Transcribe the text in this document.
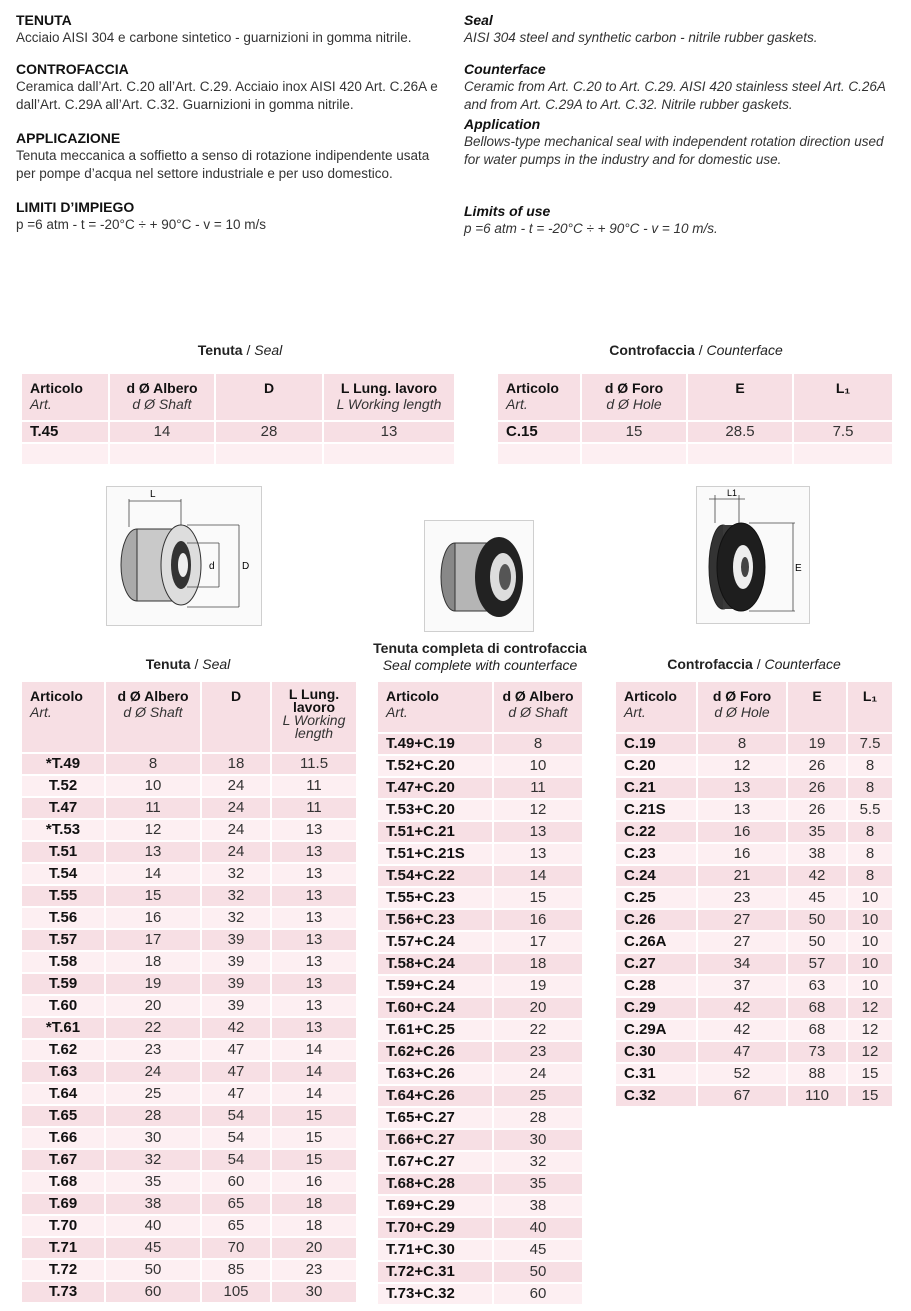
TENUTA
Acciaio AISI 304 e carbone sintetico - guarnizioni in gomma nitrile.
CONTROFACCIA
Ceramica dall’Art. C.20 all’Art. C.29. Acciaio inox AISI 420 Art. C.26A e dall’Art. C.29A all’Art. C.32. Guarnizioni in gomma nitrile.
APPLICAZIONE
Tenuta meccanica a soffietto a senso di rotazione indipendente usata per pompe d’acqua nel settore industriale e per uso domestico.
LIMITI D’IMPIEGO
p =6 atm - t = -20°C ÷ + 90°C - v = 10 m/s
Seal
AISI 304 steel and synthetic carbon - nitrile rubber gaskets.
Counterface
Ceramic from Art. C.20 to Art. C.29. AISI 420 stainless steel Art. C.26A and from Art. C.29A to Art. C.32. Nitrile rubber gaskets.
Application
Bellows-type mechanical seal with independent rotation direction used for water pumps in the industry and for domestic use.
Limits of use
p =6 atm - t = -20°C ÷ + 90°C - v = 10 m/s.
Tenuta / Seal	Controfaccia / Counterface
Articolo
Art.	d Ø Albero
d Ø Shaft	D	L Lung. lavoro
L Working length

T.45	14	28	13

Articolo
Art.	d Ø Foro
d Ø Hole	E	L₁
C.15	15	28.5	7.5

L
d	D
L1
E
Tenuta / Seal
Tenuta completa di controfaccia
Seal complete with counterface	Controfaccia / Counterface
Articolo
Art.	d Ø Albero
d Ø Shaft	D	L Lung. lavoro
L Working length

*T.49	8	18	11.5
T.52	10	24	11
T.47	11	24	11
*T.53	12	24	13
T.51	13	24	13
T.54	14	32	13
T.55	15	32	13
T.56	16	32	13
T.57	17	39	13
T.58	18	39	13
T.59	19	39	13
T.60	20	39	13
*T.61	22	42	13
T.62	23	47	14
T.63	24	47	14
T.64	25	47	14
T.65	28	54	15
T.66	30	54	15
T.67	32	54	15
T.68	35	60	16
T.69	38	65	18
T.70	40	65	18
T.71	45	70	20
T.72	50	85	23
T.73	60	105	30
Articolo
Art.	d Ø Albero
d Ø Shaft

T.49+C.19	8
T.52+C.20	10
T.47+C.20	11
T.53+C.20	12
T.51+C.21	13
T.51+C.21S	13
T.54+C.22	14
T.55+C.23	15
T.56+C.23	16
T.57+C.24	17
T.58+C.24	18
T.59+C.24	19
T.60+C.24	20
T.61+C.25	22
T.62+C.26	23
T.63+C.26	24
T.64+C.26	25
T.65+C.27	28
T.66+C.27	30
T.67+C.27	32
T.68+C.28	35
T.69+C.29	38
T.70+C.29	40
T.71+C.30	45
T.72+C.31	50
T.73+C.32	60
Articolo
Art.	d Ø Foro
d Ø Hole	E	L₁
C.19	8	19	7.5
C.20	12	26	8
C.21	13	26	8
C.21S	13	26	5.5
C.22	16	35	8
C.23	16	38	8
C.24	21	42	8
C.25	23	45	10
C.26	27	50	10
C.26A	27	50	10
C.27	34	57	10
C.28	37	63	10
C.29	42	68	12
C.29A	42	68	12
C.30	47	73	12
C.31	52	88	15
C.32	67	110	15
